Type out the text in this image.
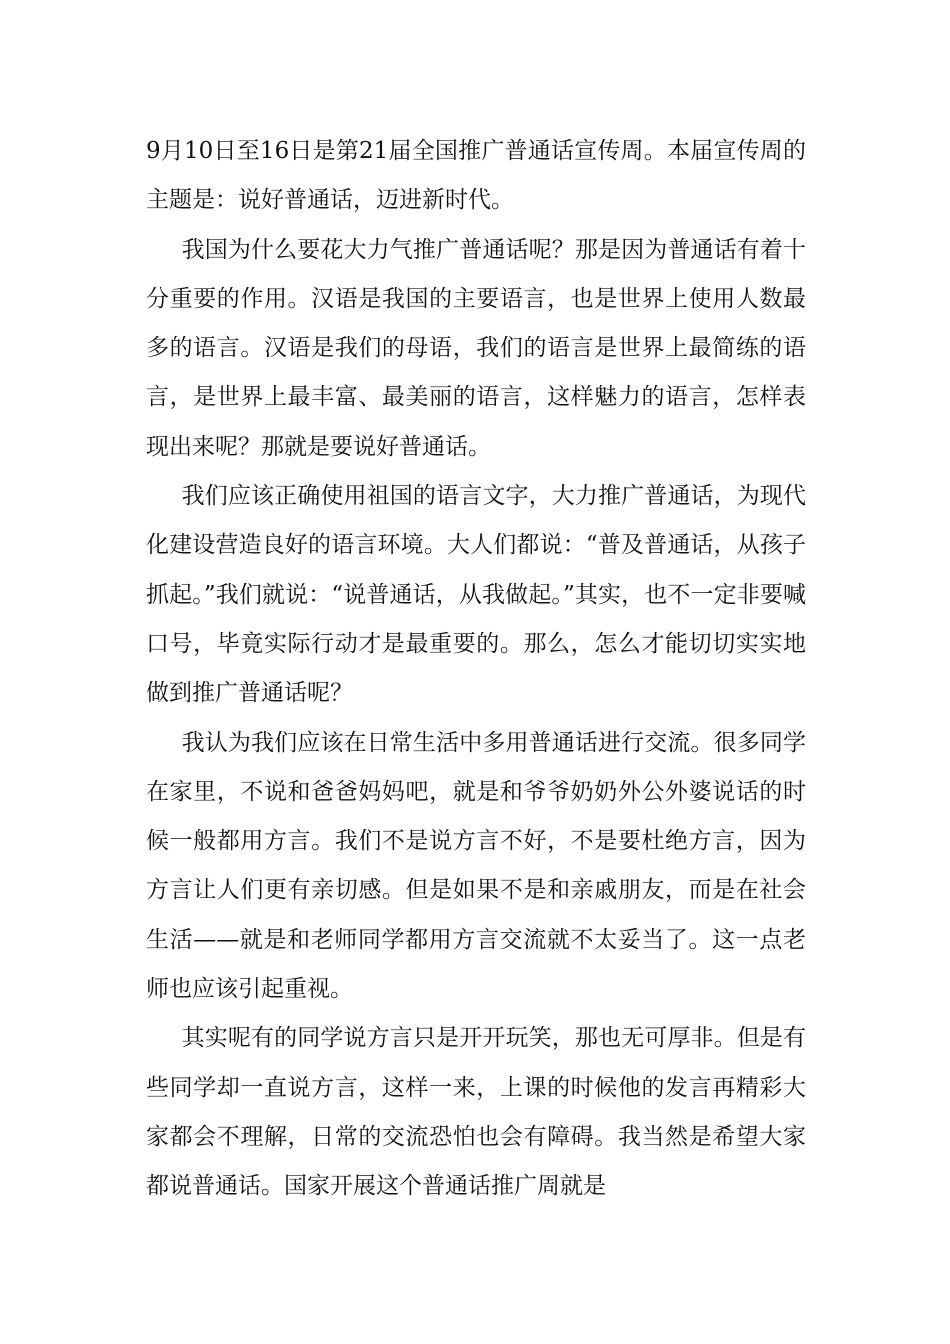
9月10日至16日是第21届全国推广普通话宣传周。本届宣传周的主题是：说好普通话，迈进新时代。

我国为什么要花大力气推广普通话呢？那是因为普通话有着十分重要的作用。汉语是我国的主要语言，也是世界上使用人数最多的语言。汉语是我们的母语，我们的语言是世界上最简练的语言，是世界上最丰富、最美丽的语言，这样魅力的语言，怎样表现出来呢？那就是要说好普通话。

我们应该正确使用祖国的语言文字，大力推广普通话，为现代化建设营造良好的语言环境。大人们都说：“普及普通话，从孩子抓起。”我们就说：“说普通话，从我做起。”其实，也不一定非要喊口号，毕竟实际行动才是最重要的。那么，怎么才能切切实实地做到推广普通话呢？

我认为我们应该在日常生活中多用普通话进行交流。很多同学在家里，不说和爸爸妈妈吧，就是和爷爷奶奶外公外婆说话的时候一般都用方言。我们不是说方言不好，不是要杜绝方言，因为方言让人们更有亲切感。但是如果不是和亲戚朋友，而是在社会生活——就是和老师同学都用方言交流就不太妥当了。这一点老师也应该引起重视。

其实呢有的同学说方言只是开开玩笑，那也无可厚非。但是有些同学却一直说方言，这样一来，上课的时候他的发言再精彩大家都会不理解，日常的交流恐怕也会有障碍。我当然是希望大家都说普通话。国家开展这个普通话推广周就是
